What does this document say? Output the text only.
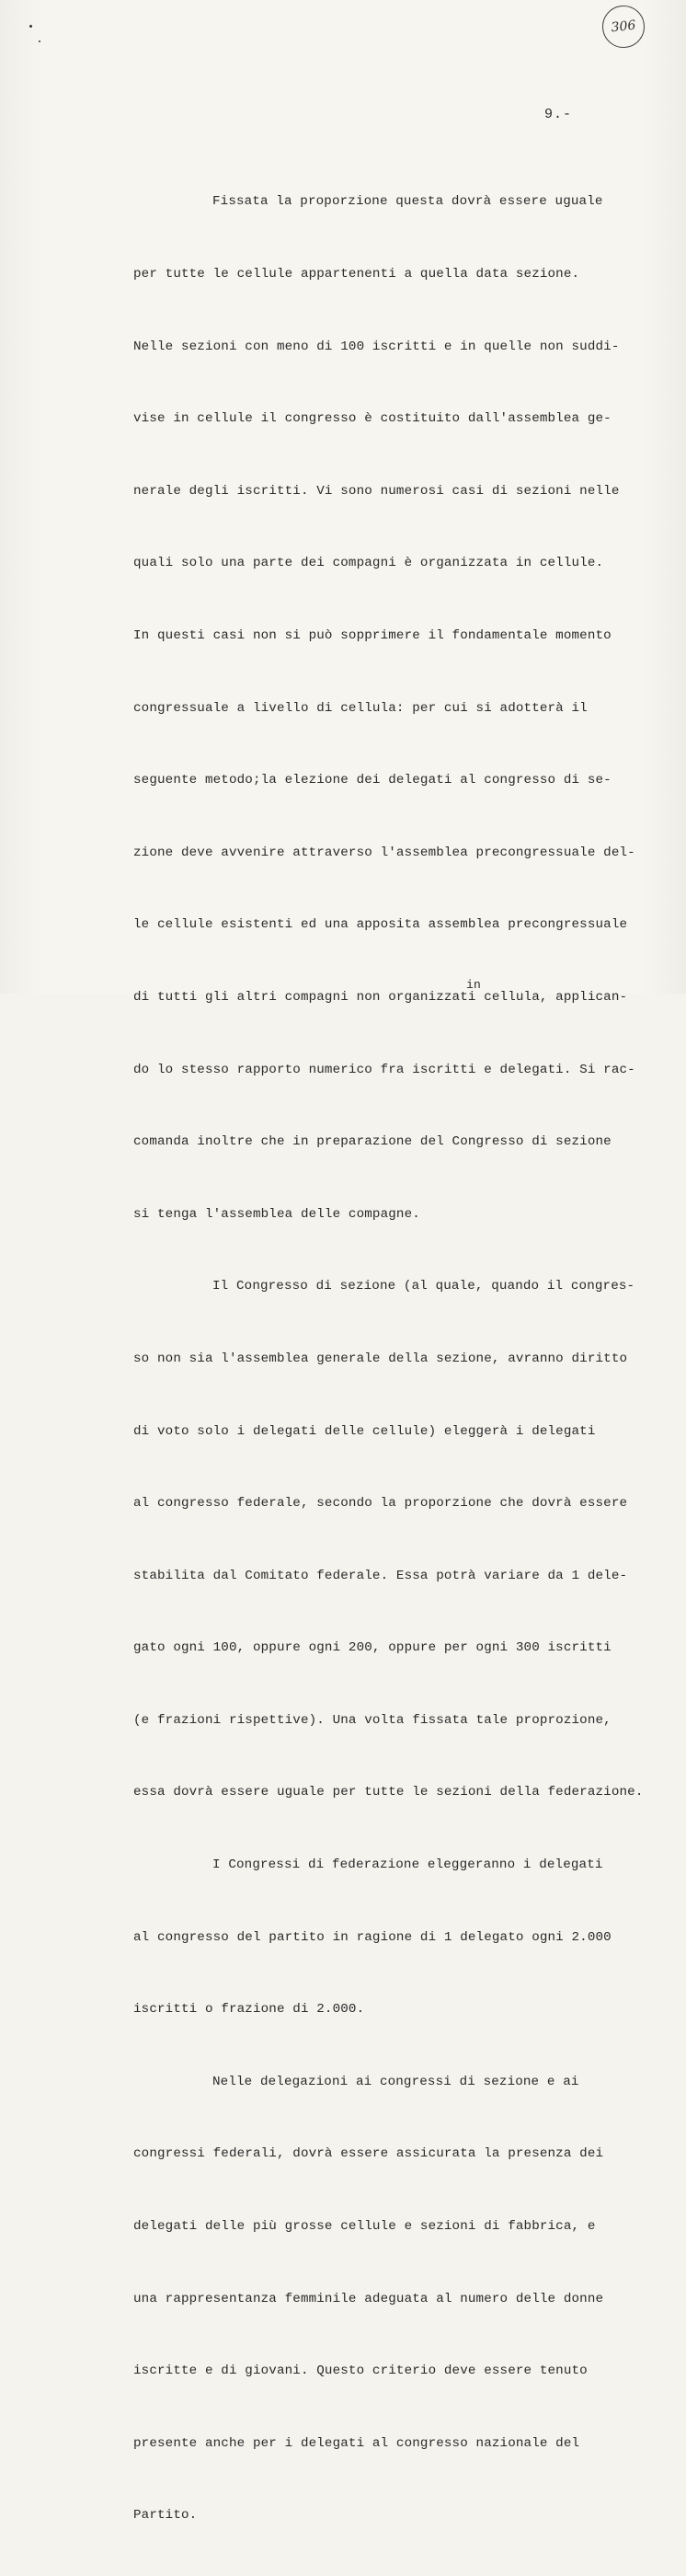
306
9.-

Fissata la proporzione questa dovrà essere uguale

per tutte le cellule appartenenti a quella data sezione.

Nelle sezioni con meno di 100 iscritti e in quelle non suddi-

vise in cellule il congresso è costituito dall'assemblea ge-

nerale degli iscritti. Vi sono numerosi casi di sezioni nelle

quali solo una parte dei compagni è organizzata in cellule.

In questi casi non si può sopprimere il fondamentale momento

congressuale a livello di cellula: per cui si adotterà il

seguente metodo;la elezione dei delegati al congresso di se-

zione deve avvenire attraverso l'assemblea precongressuale del-

le cellule esistenti ed una apposita assemblea precongressuale

di tutti gli altri compagni non organizzati cellula, applican-
in

do lo stesso rapporto numerico fra iscritti e delegati. Si rac-

comanda inoltre che in preparazione del Congresso di sezione

si tenga l'assemblea delle compagne.

Il Congresso di sezione (al quale, quando il congres-

so non sia l'assemblea generale della sezione, avranno diritto

di voto solo i delegati delle cellule) eleggerà i delegati

al congresso federale, secondo la proporzione che dovrà essere

stabilita dal Comitato federale. Essa potrà variare da 1 dele-

gato ogni 100, oppure ogni 200, oppure per ogni 300 iscritti

(e frazioni rispettive). Una volta fissata tale proprozione,

essa dovrà essere uguale per tutte le sezioni della federazione.

I Congressi di federazione eleggeranno i delegati

al congresso del partito in ragione di 1 delegato ogni 2.000

iscritti o frazione di 2.000.

Nelle delegazioni ai congressi di sezione e ai

congressi federali, dovrà essere assicurata la presenza dei

delegati delle più grosse cellule e sezioni di fabbrica, e

una rappresentanza femminile adeguata al numero delle donne

iscritte e di giovani. Questo criterio deve essere tenuto

presente anche per i delegati al congresso nazionale del

Partito.
